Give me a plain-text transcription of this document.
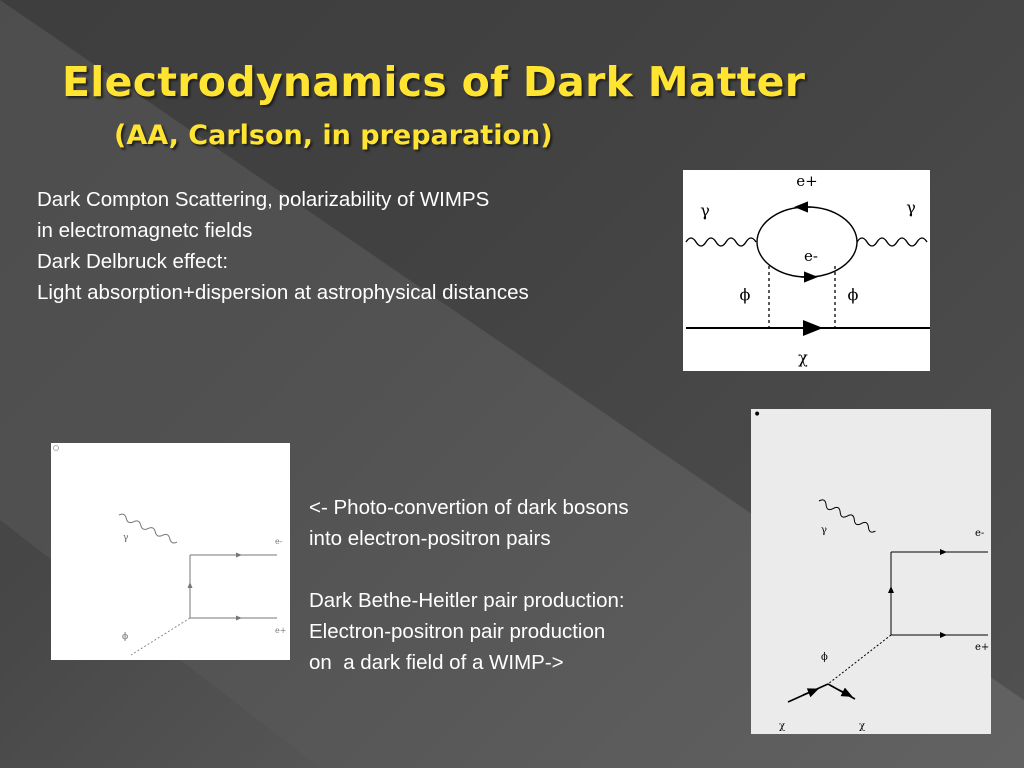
Electrodynamics of Dark Matter
(AA, Carlson, in preparation)
Dark Compton Scattering, polarizability of WIMPS
in electromagnetc fields
Dark Delbruck effect:
Light absorption+dispersion at astrophysical distances
<- Photo-convertion of dark bosons
into electron-positron pairs
Dark Bethe-Heitler pair production:
Electron-positron pair production
on  a dark field of a WIMP->
e+
e-
γ	γ
ϕ	ϕ
χ
γ
ϕ
e-
e+
•
γ	e-
e+
ϕ
χ	χ
